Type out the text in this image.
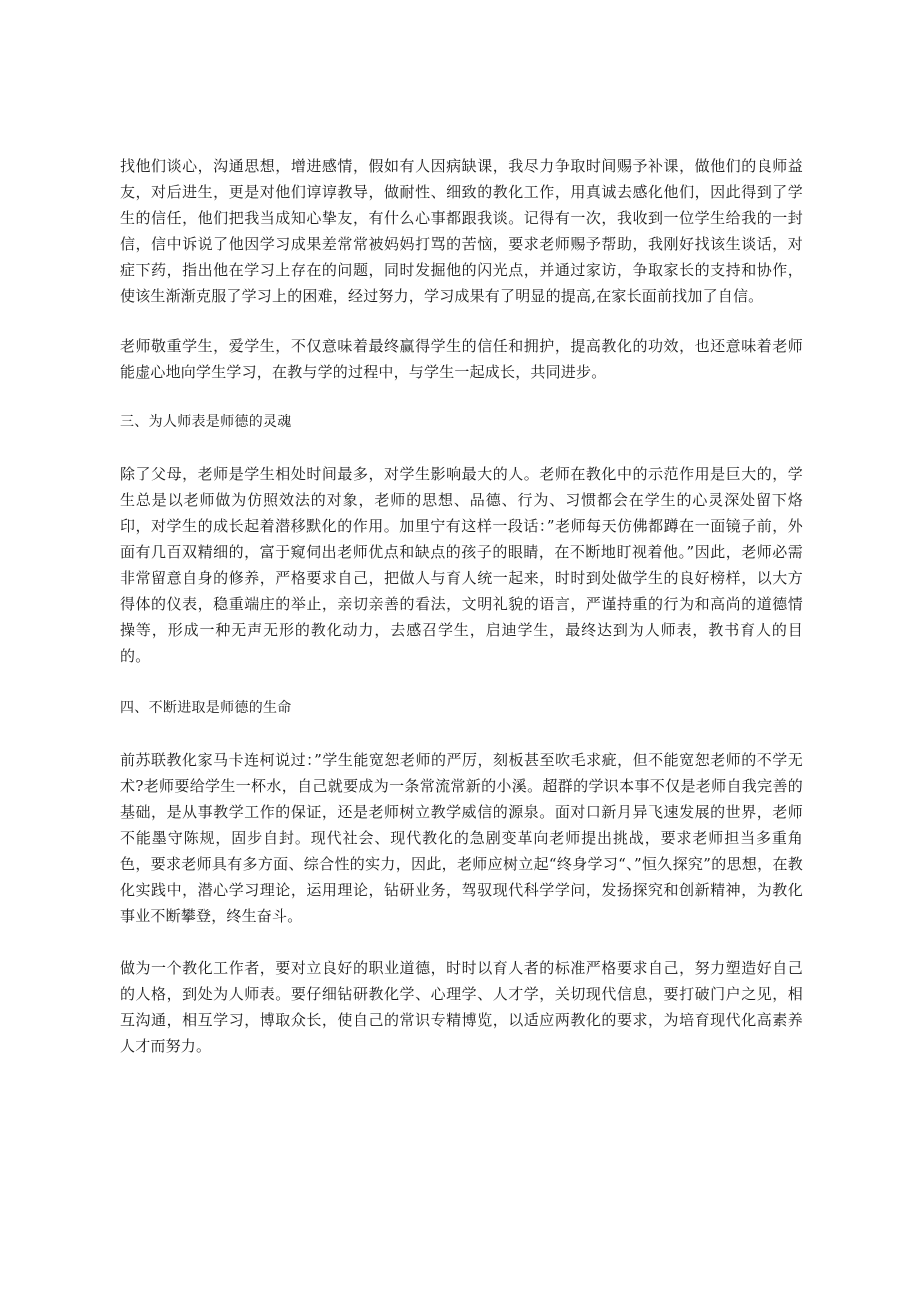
找他们谈心，沟通思想，增进感情，假如有人因病缺课，我尽力争取时间赐予补课，做他们的良师益友，对后进生，更是对他们谆谆教导，做耐性、细致的教化工作，用真诚去感化他们，因此得到了学生的信任，他们把我当成知心挚友，有什么心事都跟我谈。记得有一次，我收到一位学生给我的一封信，信中诉说了他因学习成果差常常被妈妈打骂的苦恼，要求老师赐予帮助，我刚好找该生谈话，对症下药，指出他在学习上存在的问题，同时发掘他的闪光点，并通过家访，争取家长的支持和协作，使该生渐渐克服了学习上的困难，经过努力，学习成果有了明显的提高,在家长面前找加了自信。

老师敬重学生，爱学生，不仅意味着最终赢得学生的信任和拥护，提高教化的功效，也还意味着老师能虚心地向学生学习，在教与学的过程中，与学生一起成长，共同进步。

三、为人师表是师德的灵魂

除了父母，老师是学生相处时间最多，对学生影响最大的人。老师在教化中的示范作用是巨大的，学生总是以老师做为仿照效法的对象，老师的思想、品德、行为、习惯都会在学生的心灵深处留下烙印，对学生的成长起着潜移默化的作用。加里宁有这样一段话：”老师每天仿佛都蹲在一面镜子前，外面有几百双精细的，富于窥伺出老师优点和缺点的孩子的眼睛，在不断地盯视着他。”因此，老师必需非常留意自身的修养，严格要求自己，把做人与育人统一起来，时时到处做学生的良好榜样，以大方得体的仪表，稳重端庄的举止，亲切亲善的看法，文明礼貌的语言，严谨持重的行为和高尚的道德情操等，形成一种无声无形的教化动力，去感召学生，启迪学生，最终达到为人师表，教书育人的目的。

四、不断进取是师德的生命

前苏联教化家马卡连柯说过：”学生能宽恕老师的严厉，刻板甚至吹毛求疵，但不能宽恕老师的不学无术?老师要给学生一杯水，自己就要成为一条常流常新的小溪。超群的学识本事不仅是老师自我完善的基础，是从事教学工作的保证，还是老师树立教学威信的源泉。面对口新月异飞速发展的世界，老师不能墨守陈规，固步自封。现代社会、现代教化的急剧变革向老师提出挑战，要求老师担当多重角色，要求老师具有多方面、综合性的实力，因此，老师应树立起“终身学习“、”恒久探究”的思想，在教化实践中，潜心学习理论，运用理论，钻研业务，驾驭现代科学学问，发扬探究和创新精神，为教化事业不断攀登，终生奋斗。

做为一个教化工作者，要对立良好的职业道德，时时以育人者的标准严格要求自己，努力塑造好自己的人格，到处为人师表。要仔细钻研教化学、心理学、人才学，关切现代信息，要打破门户之见，相互沟通，相互学习，博取众长，使自己的常识专精博览，以适应两教化的要求，为培育现代化高素养人才而努力。
